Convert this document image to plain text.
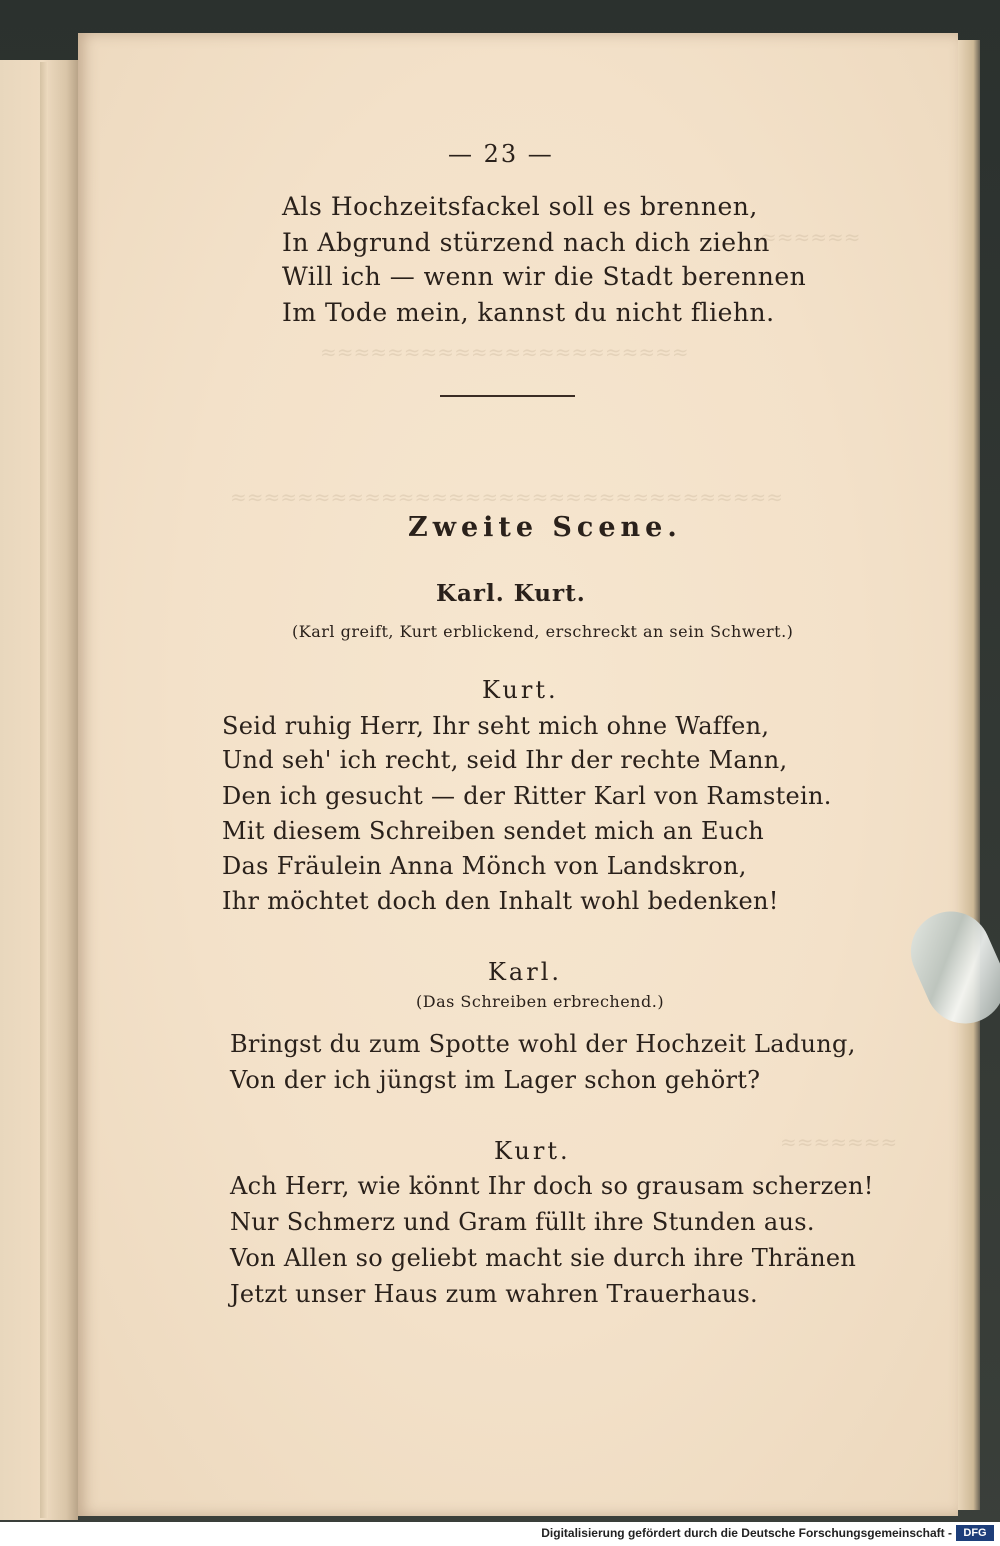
≈≈≈≈≈≈
≈≈≈≈≈≈≈≈≈≈≈≈≈≈≈≈≈≈≈≈≈≈
≈≈≈≈≈≈≈≈≈≈≈≈≈≈≈≈≈≈≈≈≈≈≈≈≈≈≈≈≈≈≈≈≈
≈≈≈≈≈≈≈
— 23 —
Als Hochzeitsfackel soll es brennen,
In Abgrund stürzend nach dich ziehn
Will ich — wenn wir die Stadt berennen
Im Tode mein, kannst du nicht fliehn.
Zweite Scene.
Karl. Kurt.
(Karl greift, Kurt erblickend, erschreckt an sein Schwert.)
Kurt.
Seid ruhig Herr, Ihr seht mich ohne Waffen,
Und seh' ich recht, seid Ihr der rechte Mann,
Den ich gesucht — der Ritter Karl von Ramstein.
Mit diesem Schreiben sendet mich an Euch
Das Fräulein Anna Mönch von Landskron,
Ihr möchtet doch den Inhalt wohl bedenken!
Karl.
(Das Schreiben erbrechend.)
Bringst du zum Spotte wohl der Hochzeit Ladung,
Von der ich jüngst im Lager schon gehört?
Kurt.
Ach Herr, wie könnt Ihr doch so grausam scherzen!
Nur Schmerz und Gram füllt ihre Stunden aus.
Von Allen so geliebt macht sie durch ihre Thränen
Jetzt unser Haus zum wahren Trauerhaus.
Digitalisierung gefördert durch die Deutsche Forschungsgemeinschaft -	DFG
